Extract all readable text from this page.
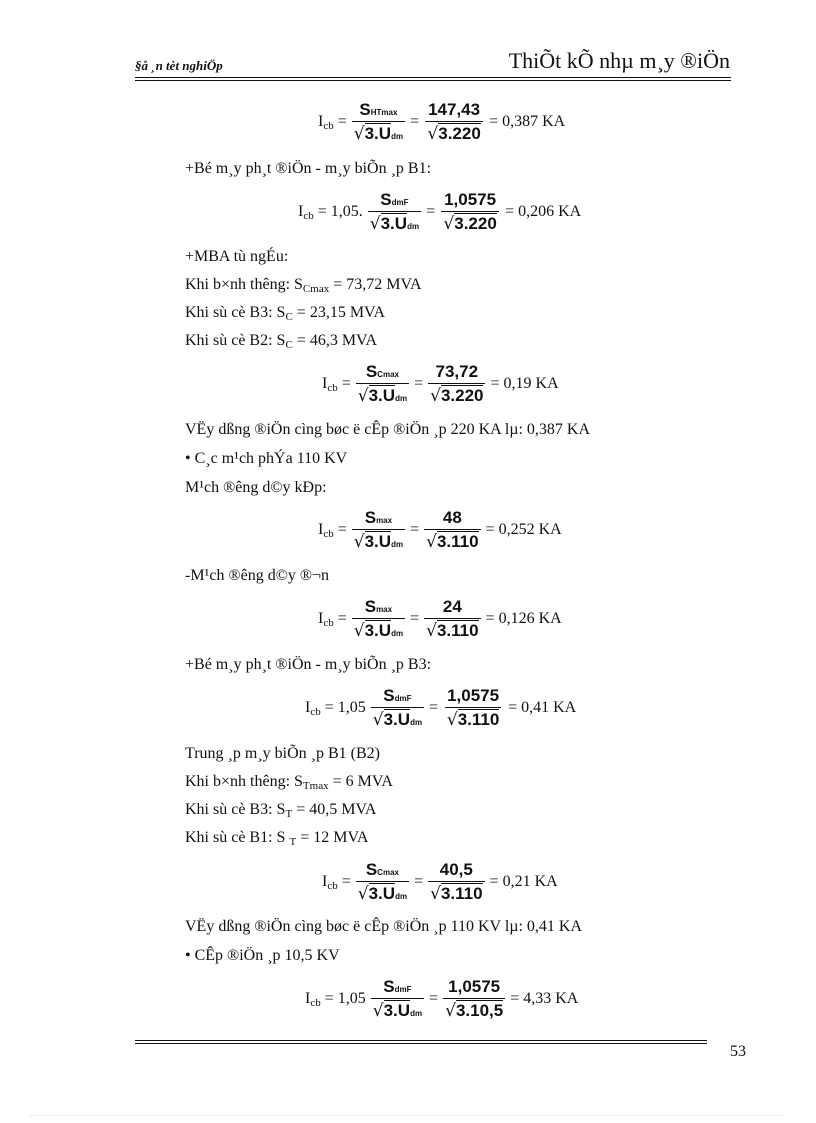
§å ¸n tèt nghiÖp	ThiÕt kÕ nhµ m¸y ®iÖn
$I_{cb} = \frac{\text{SHTmax}}{\text{√3.Udm}} = \frac{147,43}{√3.220} = 0,387$ KA
$I_{cb} = 1,05$. $\frac{\text{SdmF}}{\text{√3.Udm}} = \frac{1,0575}{√3.220} = 0,206$ KA
$I_{cb} = \frac{SCmax}{\text{√3.Udm}} = \frac{73,72}{√3.220} = 0,19$ KA
$I_{cb} = \frac{Smax}{\text{√3.Udm}} = \frac{48}{√3.110} = 0,252$ KA
$I_{cb} = \frac{Smax}{\text{√3.Udm}} = \frac{24}{√3.110} = 0,126$ KA
$I_{cb} = 1,05 \frac{\text{SdmF}}{\text{√3.Udm}} = \frac{1,0575}{√3.110} = 0,41$ KA
$I_{cb} = \frac{SCmax}{\text{√3.Udm}} = \frac{40,5}{√3.110} = 0,21$ KA
$I_{cb} = 1,05 \frac{\text{SdmF}}{\text{√3.Udm}} = \frac{1,0575}{√3.10,5} = 4,33$ KA
+Bé m¸y ph¸t ®iÖn - m¸y biÕn ¸p B1:
+MBA tù ngÉu:
Khi b×nh thêng: $S_{Cmax} = 73,72$ MVA
Khi sù cè B3: $S_C = 23,15$ MVA
Khi sù cè B2: $S_C = 46,3$ MVA
VËy dßng ®iÖn cìng bøc ë cÊp ®iÖn ¸p 220 KA lµ: 0,387 KA
• C¸c m¹ch phÝa 110 KV
M¹ch ®êng d©y kÐp:
-M¹ch ®êng d©y ®¬n
+Bé m¸y ph¸t ®iÖn - m¸y biÕn ¸p B3:
Trung ¸p m¸y biÕn ¸p B1 (B2)
Khi b×nh thêng: $S_{Tmax} = 6$ MVA
Khi sù cè B3: $S_T = 40,5$ MVA
Khi sù cè B1: S $_T$ = 12 MVA
VËy dßng ®iÖn cìng bøc ë cÊp ®iÖn ¸p 110 KV lµ: 0,41 KA
• CÊp ®iÖn ¸p 10,5 KV
53
